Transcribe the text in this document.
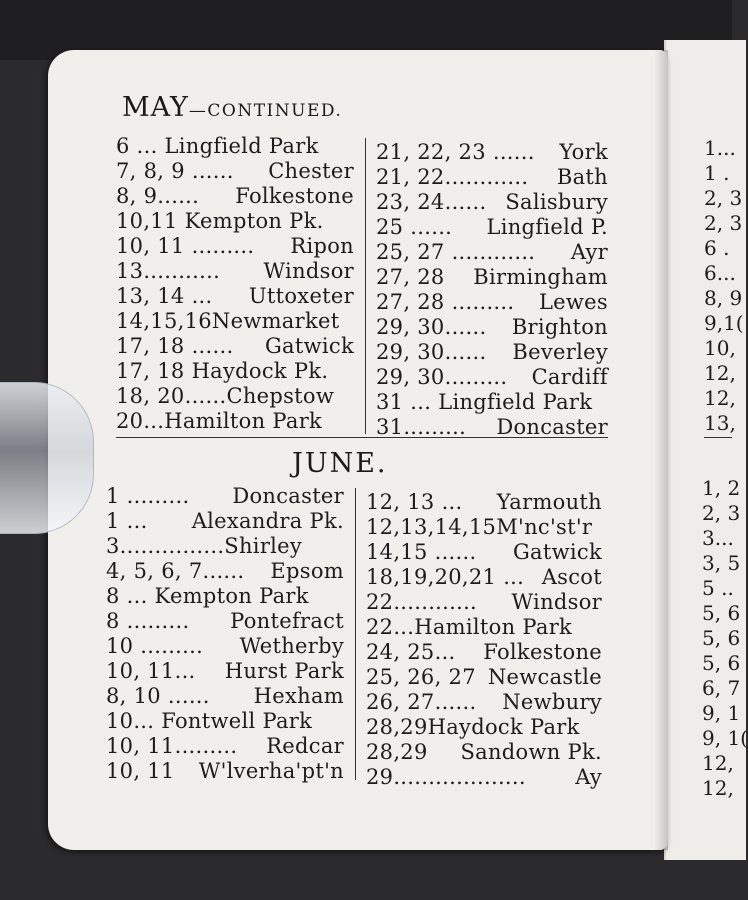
MAY—CONTINUED.
6 ... Lingfield Park
7, 8, 9 ...... Chester
8, 9...... Folkestone
10,11 Kempton Pk.
10, 11 ......... Ripon
13........... Windsor
13, 14 ... Uttoxeter
14,15,16Newmarket
17, 18 ...... Gatwick
17, 18 Haydock Pk.
18, 20......Chepstow
20...Hamilton Park
21, 22, 23 ...... York
21, 22............ Bath
23, 24...... Salisbury
25 ...... Lingfield P.
25, 27 ............ Ayr
27, 28 Birmingham
27, 28 ......... Lewes
29, 30...... Brighton
29, 30...... Beverley
29, 30......... Cardiff
31 ... Lingfield Park
31......... Doncaster
JUNE.
1 ......... Doncaster
1 ... Alexandra Pk.
3...............Shirley
4, 5, 6, 7...... Epsom
8 ... Kempton Park
8 ......... Pontefract
10 ......... Wetherby
10, 11... Hurst Park
8, 10 ...... Hexham
10... Fontwell Park
10, 11......... Redcar
10, 11 W'lverha'pt'n
12, 13 ... Yarmouth
12,13,14,15M'nc'st'r
14,15 ...... Gatwick
18,19,20,21 ... Ascot
22............ Windsor
22...Hamilton Park
24, 25... Folkestone
25, 26, 27 Newcastle
26, 27...... Newbury
28,29Haydock Park
28,29 Sandown Pk.
29................... Ay
1...
1 .
2, 3
2, 3
6 .
6...
8, 9
9,1(
10,
12,
12,
13,
1, 2
2, 3
3...
3, 5
5 ..
5, 6
5, 6
5, 6
6, 7
9, 1
9, 1(
12,
12,
